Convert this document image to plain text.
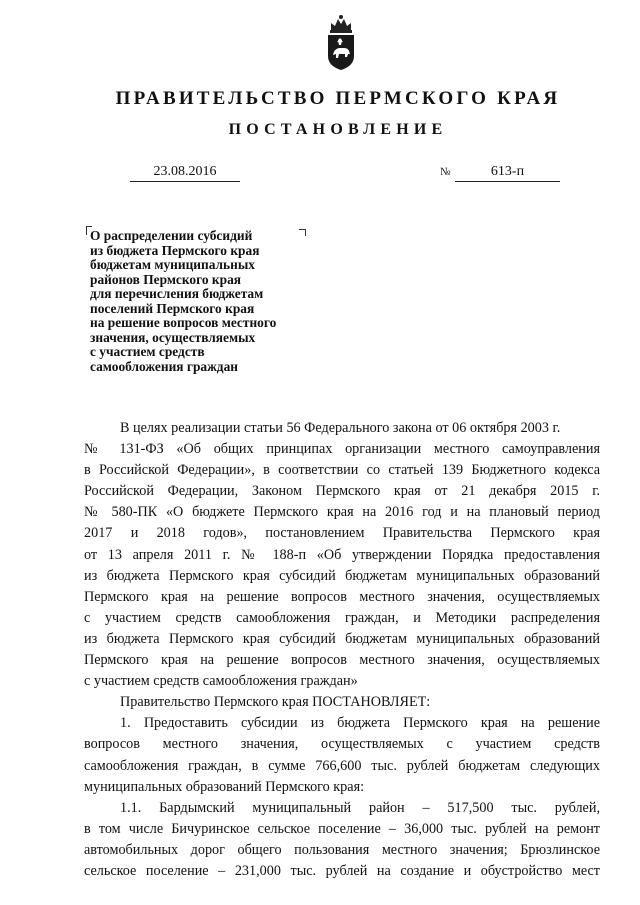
ПРАВИТЕЛЬСТВО ПЕРМСКОГО КРАЯ
ПОСТАНОВЛЕНИЕ
23.08.2016	№	613-п
О распределении субсидий
из бюджета Пермского края
бюджетам муниципальных
районов Пермского края
для перечисления бюджетам
поселений Пермского края
на решение вопросов местного
значения, осуществляемых
с участием средств
самообложения граждан
В целях реализации статьи 56 Федерального закона от 06 октября 2003 г.
№ 131-ФЗ «Об общих принципах организации местного самоуправления
в Российской Федерации», в соответствии со статьей 139 Бюджетного кодекса
Российской Федерации, Законом Пермского края от 21 декабря 2015 г.
№ 580-ПК «О бюджете Пермского края на 2016 год и на плановый период
2017 и 2018 годов», постановлением Правительства Пермского края
от 13 апреля 2011 г. № 188-п «Об утверждении Порядка предоставления
из бюджета Пермского края субсидий бюджетам муниципальных образований
Пермского края на решение вопросов местного значения, осуществляемых
с участием средств самообложения граждан, и Методики распределения
из бюджета Пермского края субсидий бюджетам муниципальных образований
Пермского края на решение вопросов местного значения, осуществляемых
с участием средств самообложения граждан»
Правительство Пермского края ПОСТАНОВЛЯЕТ:
1. Предоставить субсидии из бюджета Пермского края на решение
вопросов местного значения, осуществляемых с участием средств
самообложения граждан, в сумме 766,600 тыс. рублей бюджетам следующих
муниципальных образований Пермского края:
1.1. Бардымский муниципальный район – 517,500 тыс. рублей,
в том числе Бичуринское сельское поселение – 36,000 тыс. рублей на ремонт
автомобильных дорог общего пользования местного значения; Брюзлинское
сельское поселение – 231,000 тыс. рублей на создание и обустройство мест
